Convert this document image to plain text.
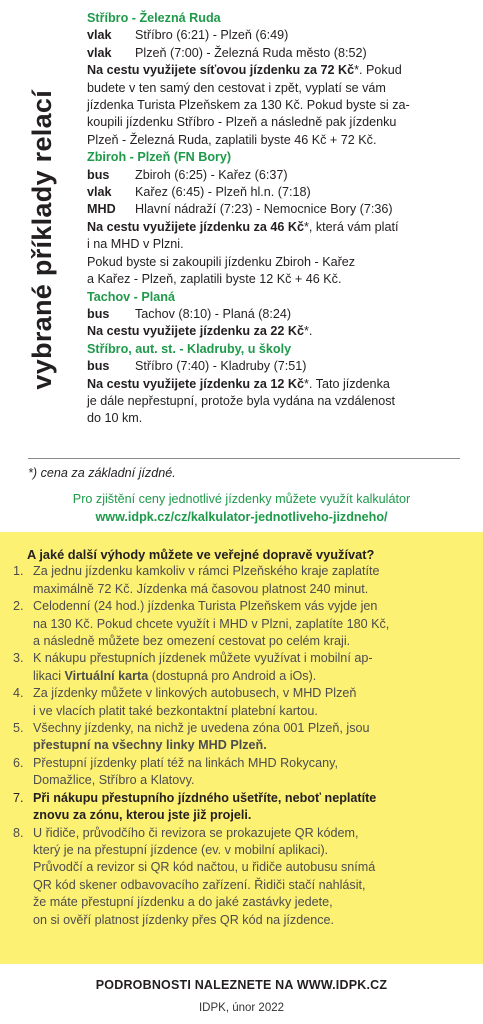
vybrané příklady relací
Stříbro - Železná Ruda
vlak	Stříbro (6:21) - Plzeň (6:49)
vlak	Plzeň (7:00) - Železná Ruda město (8:52)
Na cestu využijete síťovou jízdenku za 72 Kč*. Pokud
budete v ten samý den cestovat i zpět, vyplatí se vám
jízdenka Turista Plzeňskem za 130 Kč. Pokud byste si za-
koupili jízdenku Stříbro - Plzeň a následně pak jízdenku
Plzeň - Železná Ruda, zaplatili byste 46 Kč + 72 Kč.
Zbiroh - Plzeň (FN Bory)
bus	Zbiroh (6:25) - Kařez (6:37)
vlak	Kařez (6:45) - Plzeň hl.n. (7:18)
MHD	Hlavní nádraží (7:23) - Nemocnice Bory (7:36)
Na cestu využijete jízdenku za 46 Kč*, která vám platí
i na MHD v Plzni.
Pokud byste si zakoupili jízdenku Zbiroh - Kařez
a Kařez - Plzeň, zaplatili byste 12 Kč + 46 Kč.
Tachov - Planá
bus	Tachov (8:10) - Planá (8:24)
Na cestu využijete jízdenku za 22 Kč*.
Stříbro, aut. st. - Kladruby, u školy
bus	Stříbro (7:40) - Kladruby (7:51)
Na cestu využijete jízdenku za 12 Kč*. Tato jízdenka
je dále nepřestupní, protože byla vydána na vzdálenost
do 10 km.
*) cena za základní jízdné.
Pro zjištění ceny jednotlivé jízdenky můžete využít kalkulátor
www.idpk.cz/cz/kalkulator-jednotliveho-jizdneho/
A jaké další výhody můžete ve veřejné dopravě využívat?
1. Za jednu jízdenku kamkoliv v rámci Plzeňského kraje zaplatíte
maximálně 72 Kč. Jízdenka má časovou platnost 240 minut.
2. Celodenní (24 hod.) jízdenka Turista Plzeňskem vás vyjde jen
na 130 Kč. Pokud chcete využít i MHD v Plzni, zaplatíte 180 Kč,
a následně můžete bez omezení cestovat po celém kraji.
3. K nákupu přestupních jízdenek můžete využívat i mobilní ap-
likaci Virtuální karta (dostupná pro Android a iOs).
4. Za jízdenky můžete v linkových autobusech, v MHD Plzeň
i ve vlacích platit také bezkontaktní platební kartou.
5. Všechny jízdenky, na nichž je uvedena zóna 001 Plzeň, jsou
přestupní na všechny linky MHD Plzeň.
6. Přestupní jízdenky platí též na linkách MHD Rokycany,
Domažlice, Stříbro a Klatovy.
7. Při nákupu přestupního jízdného ušetříte, neboť neplatíte
znovu za zónu, kterou jste již projeli.
8. U řidiče, průvodčího či revizora se prokazujete QR kódem,
který je na přestupní jízdence (ev. v mobilní aplikaci).
Průvodčí a revizor si QR kód načtou, u řidiče autobusu snímá
QR kód skener odbavovacího zařízení. Řidiči stačí nahlásit,
že máte přestupní jízdenku a do jaké zastávky jedete,
on si ověří platnost jízdenky přes QR kód na jízdence.
PODROBNOSTI NALEZNETE NA WWW.IDPK.CZ
IDPK, únor 2022
